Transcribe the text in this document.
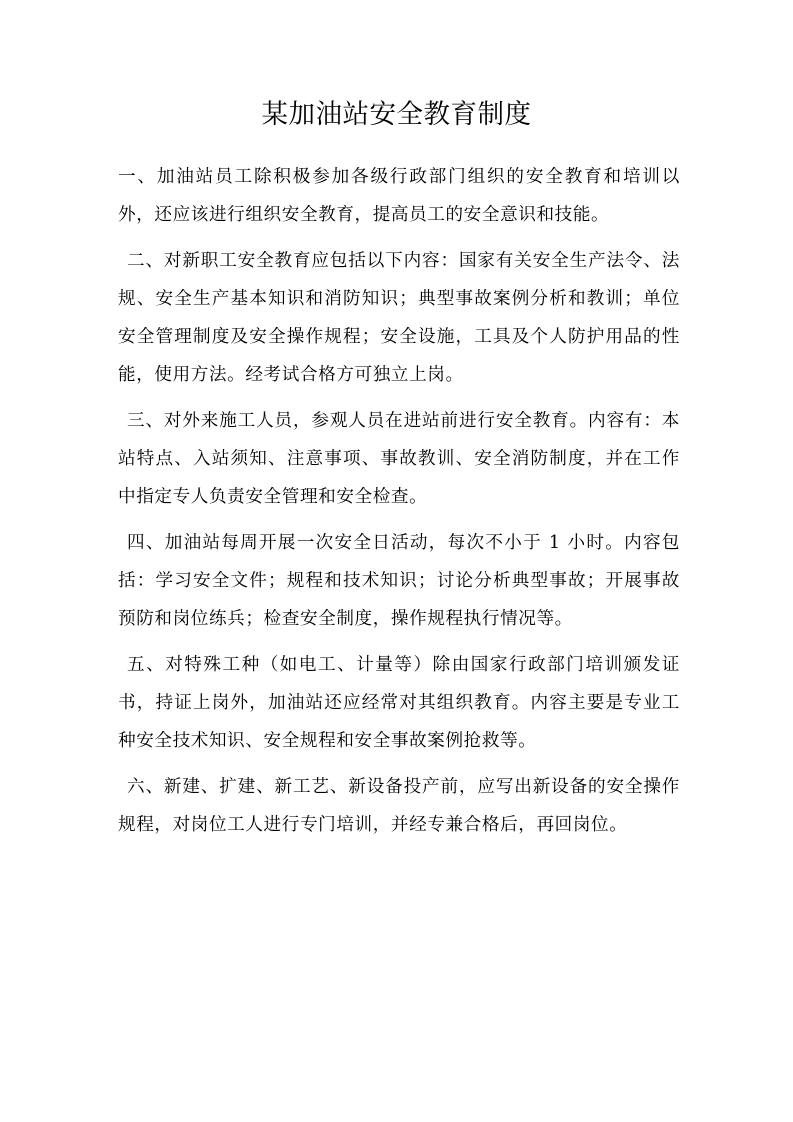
某加油站安全教育制度

一、加油站员工除积极参加各级行政部门组织的安全教育和培训以外，还应该进行组织安全教育，提高员工的安全意识和技能。

二、对新职工安全教育应包括以下内容：国家有关安全生产法令、法规、安全生产基本知识和消防知识；典型事故案例分析和教训；单位安全管理制度及安全操作规程；安全设施，工具及个人防护用品的性能，使用方法。经考试合格方可独立上岗。

三、对外来施工人员，参观人员在进站前进行安全教育。内容有：本站特点、入站须知、注意事项、事故教训、安全消防制度，并在工作中指定专人负责安全管理和安全检查。

四、加油站每周开展一次安全日活动，每次不小于 1 小时。内容包括：学习安全文件；规程和技术知识；讨论分析典型事故；开展事故预防和岗位练兵；检查安全制度，操作规程执行情况等。

五、对特殊工种（如电工、计量等）除由国家行政部门培训颁发证书，持证上岗外，加油站还应经常对其组织教育。内容主要是专业工种安全技术知识、安全规程和安全事故案例抢救等。

六、新建、扩建、新工艺、新设备投产前，应写出新设备的安全操作规程，对岗位工人进行专门培训，并经专兼合格后，再回岗位。
